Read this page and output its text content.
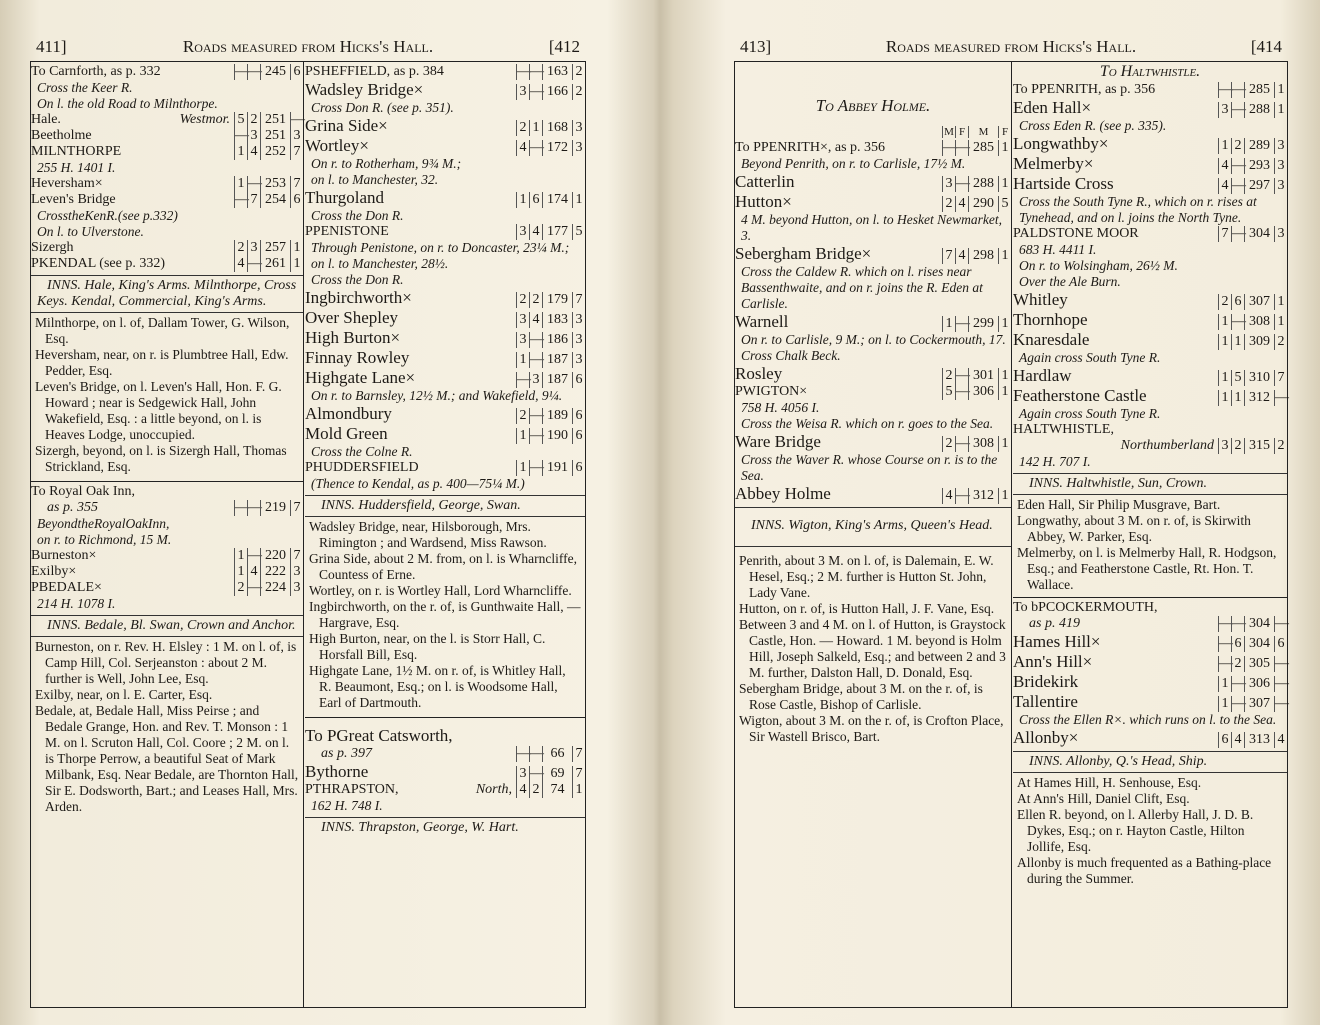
411]	Roads measured from Hicks's Hall.	[412
To Carnforth, as p. 332	— — 245 6
Cross the Keer R.
On l. the old Road to Milnthorpe.
Hale.	Westmor. 5 2 251 —
Beetholme	— 3 251 3
MILNTHORPE	1 4 252 7
255 H. 1401 I.
Heversham×	1 — 253 7
Leven's Bridge	— 7 254 6
CrosstheKenR.(see p.332)
On l. to Ulverstone.
Sizergh	2 3 257 1
PKENDAL (see p. 332)	4 — 261 1
INNS. Hale, King's Arms. Milnthorpe, Cross Keys. Kendal, Commercial, King's Arms.
Milnthorpe, on l. of, Dallam Tower, G. Wilson, Esq.
Heversham, near, on r. is Plumbtree Hall, Edw. Pedder, Esq.
Leven's Bridge, on l. Leven's Hall, Hon. F. G. Howard ; near is Sedgewick Hall, John Wakefield, Esq. : a little beyond, on l. is Heaves Lodge, unoccupied.
Sizergh, beyond, on l. is Sizergh Hall, Thomas Strickland, Esq.
To Royal Oak Inn,
as p. 355	— — 219 7
BeyondtheRoyalOakInn,
on r. to Richmond, 15 M.
Burneston×	1 — 220 7
Exilby×	1 4 222 3
PBEDALE×	2 — 224 3
214 H. 1078 I.
INNS. Bedale, Bl. Swan, Crown and Anchor.
Burneston, on r. Rev. H. Elsley : 1 M. on l. of, is Camp Hill, Col. Serjeanston : about 2 M. further is Well, John Lee, Esq.
Exilby, near, on l. E. Carter, Esq.
Bedale, at, Bedale Hall, Miss Peirse ; and Bedale Grange, Hon. and Rev. T. Monson : 1 M. on l. Scruton Hall, Col. Coore ; 2 M. on l. is Thorpe Perrow, a beautiful Seat of Mark Milbank, Esq. Near Bedale, are Thornton Hall, Sir E. Dodsworth, Bart.; and Leases Hall, Mrs. Arden.
PSHEFFIELD, as p. 384	— — 163 2
Wadsley Bridge×	3 — 166 2
Cross Don R. (see p. 351).
Grina Side×	2 1 168 3
Wortley×	4 — 172 3
On r. to Rotherham, 9¾ M.;
on l. to Manchester, 32.
Thurgoland	1 6 174 1
Cross the Don R.
PPENISTONE	3 4 177 5
Through Penistone, on r. to Doncaster, 23¼ M.; on l. to Manchester, 28½.
Cross the Don R.
Ingbirchworth×	2 2 179 7
Over Shepley	3 4 183 3
High Burton×	3 — 186 3
Finnay Rowley	1 — 187 3
Highgate Lane×	— 3 187 6
On r. to Barnsley, 12½ M.; and Wakefield, 9¼.
Almondbury	2 — 189 6
Mold Green	1 — 190 6
Cross the Colne R.
PHUDDERSFIELD	1 — 191 6
(Thence to Kendal, as p. 400—75¼ M.)
INNS. Huddersfield, George, Swan.
Wadsley Bridge, near, Hilsborough, Mrs. Rimington ; and Wardsend, Miss Rawson.
Grina Side, about 2 M. from, on l. is Wharncliffe, Countess of Erne.
Wortley, on r. is Wortley Hall, Lord Wharncliffe.
Ingbirchworth, on the r. of, is Gunthwaite Hall, — Hargrave, Esq.
High Burton, near, on the l. is Storr Hall, C. Horsfall Bill, Esq.
Highgate Lane, 1½ M. on r. of, is Whitley Hall, R. Beaumont, Esq.; on l. is Woodsome Hall, Earl of Dartmouth.
To PGreat Catsworth,
as p. 397	— — 66 7
Bythorne	3 — 69 7
PTHRAPSTON,	North, 4 2 74 1
162 H. 748 I.
INNS. Thrapston, George, W. Hart.
413]	Roads measured from Hicks's Hall.	[414
To Abbey Holme.
M F	M	F
To PPENRITH×, as p. 356	— — 285 1
Beyond Penrith, on r. to Carlisle, 17½ M.
Catterlin	3 — 288 1
Hutton×	2 4 290 5
4 M. beyond Hutton, on l. to Hesket Newmarket, 3.
Sebergham Bridge×	7 4 298 1
Cross the Caldew R. which on l. rises near Bassenthwaite, and on r. joins the R. Eden at Carlisle.
Warnell	1 — 299 1
On r. to Carlisle, 9 M.; on l. to Cockermouth, 17.
Cross Chalk Beck.
Rosley	2 — 301 1
PWIGTON×	5 — 306 1
758 H. 4056 I.
Cross the Weisa R. which on r. goes to the Sea.
Ware Bridge	2 — 308 1
Cross the Waver R. whose Course on r. is to the Sea.
Abbey Holme	4 — 312 1
INNS. Wigton, King's Arms, Queen's Head.
Penrith, about 3 M. on l. of, is Dalemain, E. W. Hesel, Esq.; 2 M. further is Hutton St. John, Lady Vane.
Hutton, on r. of, is Hutton Hall, J. F. Vane, Esq.
Between 3 and 4 M. on l. of Hutton, is Graystock Castle, Hon. — Howard. 1 M. beyond is Holm Hill, Joseph Salkeld, Esq.; and between 2 and 3 M. further, Dalston Hall, D. Donald, Esq.
Sebergham Bridge, about 3 M. on the r. of, is Rose Castle, Bishop of Carlisle.
Wigton, about 3 M. on the r. of, is Crofton Place, Sir Wastell Brisco, Bart.
To Haltwhistle.
To PPENRITH, as p. 356	— — 285 1
Eden Hall×	3 — 288 1
Cross Eden R. (see p. 335).
Longwathby×	1 2 289 3
Melmerby×	4 — 293 3
Hartside Cross	4 — 297 3
Cross the South Tyne R., which on r. rises at Tynehead, and on l. joins the North Tyne.
PALDSTONE MOOR	7 — 304 3
683 H. 4411 I.
On r. to Wolsingham, 26½ M.
Over the Ale Burn.
Whitley	2 6 307 1
Thornhope	1 — 308 1
Knaresdale	1 1 309 2
Again cross South Tyne R.
Hardlaw	1 5 310 7
Featherstone Castle	1 1 312 —
Again cross South Tyne R.
HALTWHISTLE,
Northumberland 3 2 315 2
142 H. 707 I.
INNS. Haltwhistle, Sun, Crown.
Eden Hall, Sir Philip Musgrave, Bart.
Longwathy, about 3 M. on r. of, is Skirwith Abbey, W. Parker, Esq.
Melmerby, on l. is Melmerby Hall, R. Hodgson, Esq.; and Featherstone Castle, Rt. Hon. T. Wallace.
To bPCOCKERMOUTH,
as p. 419	— — 304 —
Hames Hill×	— 6 304 6
Ann's Hill×	— 2 305 —
Bridekirk	1 — 306 —
Tallentire	1 — 307 —
Cross the Ellen R×. which runs on l. to the Sea.
Allonby×	6 4 313 4
INNS. Allonby, Q.'s Head, Ship.
At Hames Hill, H. Senhouse, Esq.
At Ann's Hill, Daniel Clift, Esq.
Ellen R. beyond, on l. Allerby Hall, J. D. B. Dykes, Esq.; on r. Hayton Castle, Hilton Jollife, Esq.
Allonby is much frequented as a Bathing-place during the Summer.
